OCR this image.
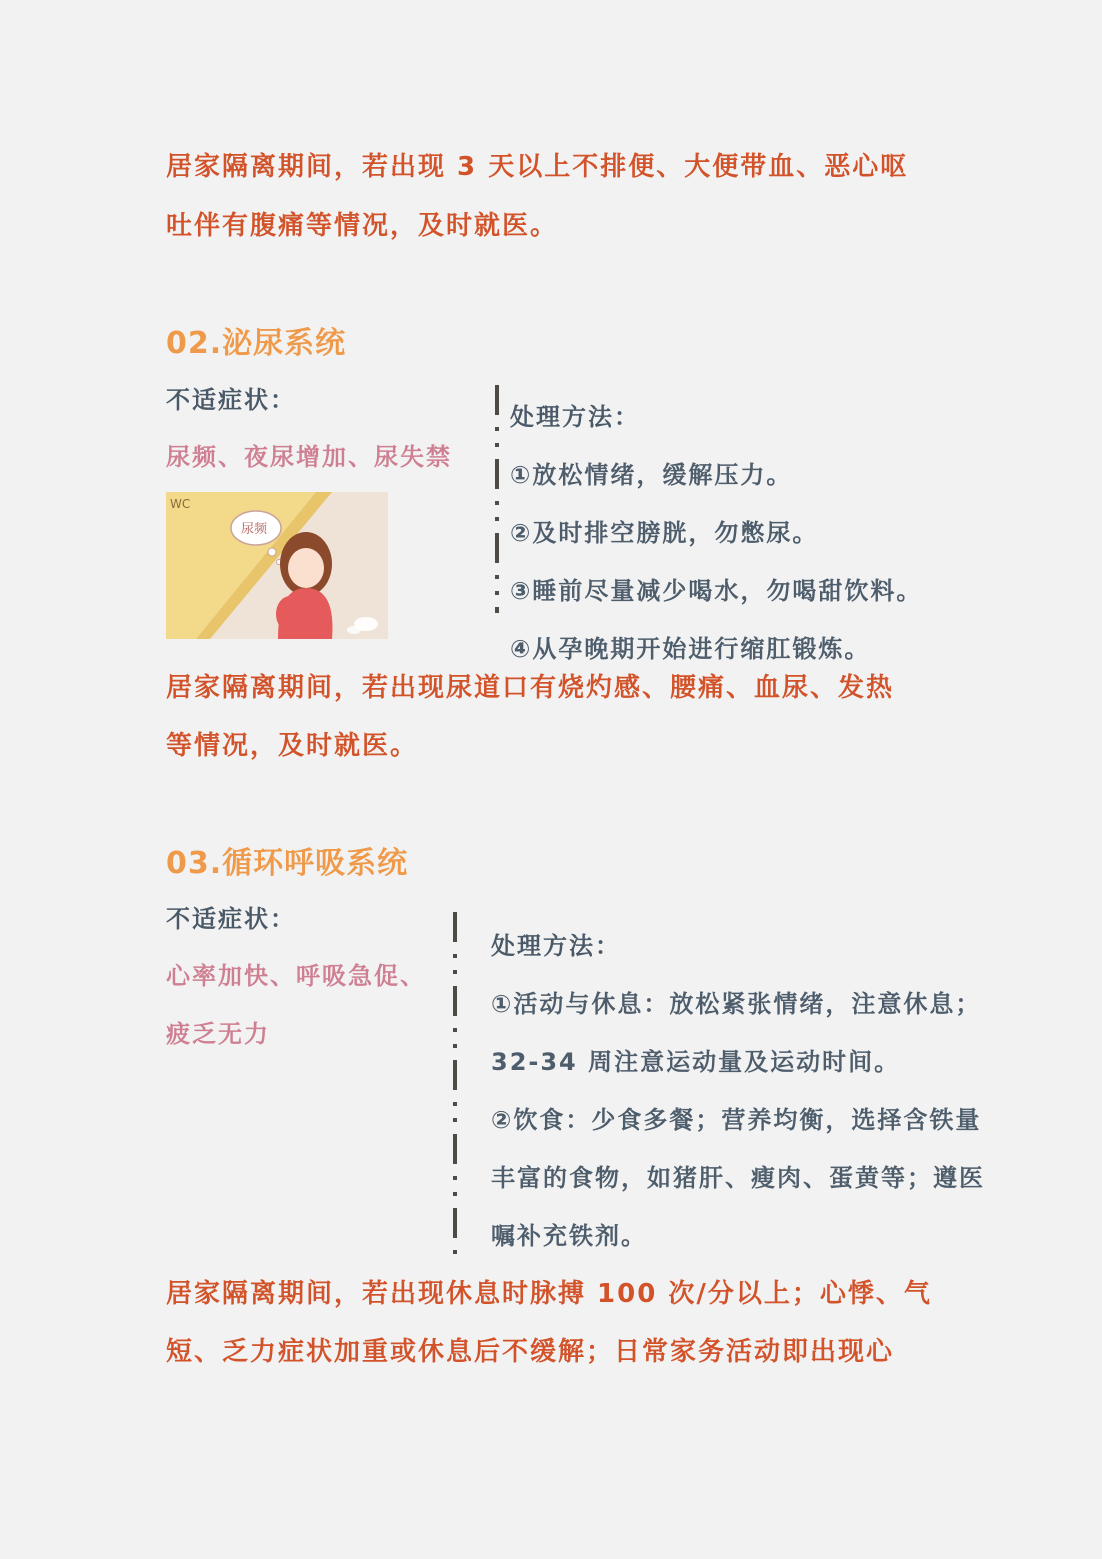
居家隔离期间，若出现 3 天以上不排便、大便带血、恶心呕
吐伴有腹痛等情况，及时就医。
02.泌尿系统
不适症状：
尿频、夜尿增加、尿失禁
WC
尿频
处理方法：
①放松情绪，缓解压力。
②及时排空膀胱，勿憋尿。
③睡前尽量减少喝水，勿喝甜饮料。
④从孕晚期开始进行缩肛锻炼。
居家隔离期间，若出现尿道口有烧灼感、腰痛、血尿、发热
等情况，及时就医。
03.循环呼吸系统
不适症状：
心率加快、呼吸急促、
疲乏无力
处理方法：
①活动与休息：放松紧张情绪，注意休息；
32-34 周注意运动量及运动时间。
②饮食：少食多餐；营养均衡，选择含铁量
丰富的食物，如猪肝、瘦肉、蛋黄等；遵医
嘱补充铁剂。
居家隔离期间，若出现休息时脉搏 100 次/分以上；心悸、气
短、乏力症状加重或休息后不缓解；日常家务活动即出现心
